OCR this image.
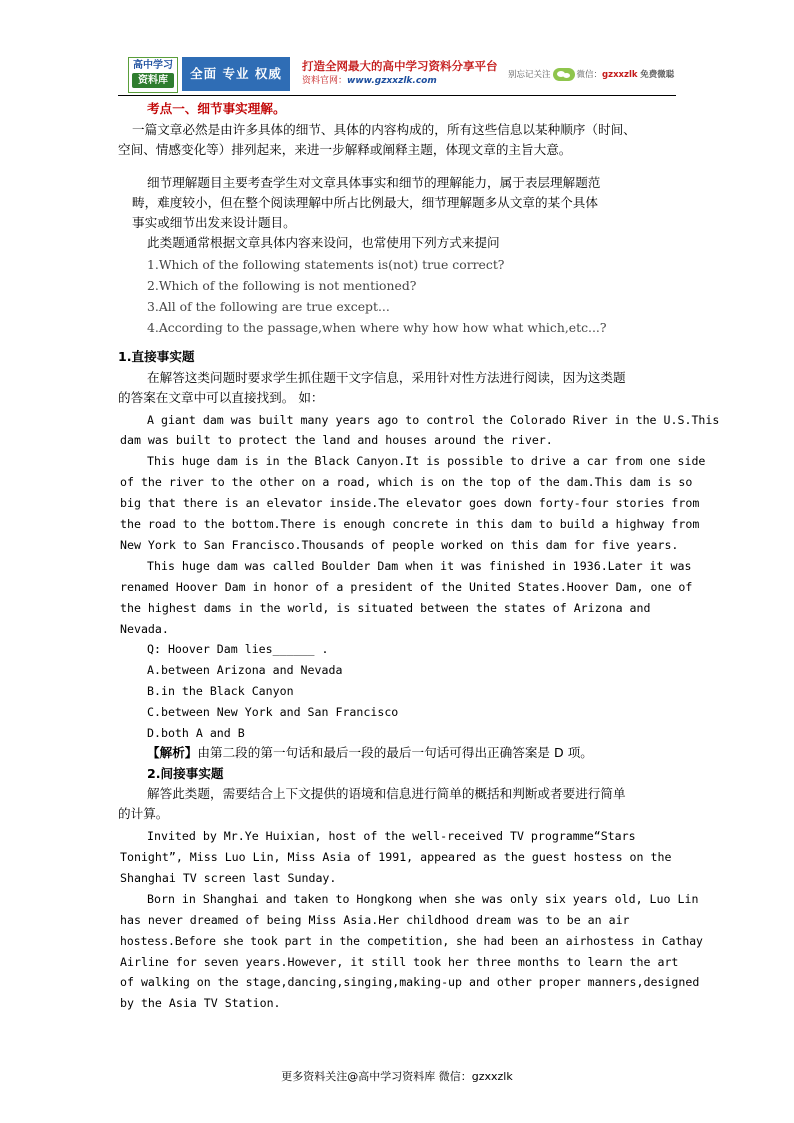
高中学习
资料库	全面 专业 权威	打造全网最大的高中学习资料分享平台
资料官网：www.gzxxzlk.com
别忘记关注	微信：gzxxzlk 免费微聪
考点一、细节事实理解。
一篇文章必然是由许多具体的细节、具体的内容构成的，所有这些信息以某种顺序（时间、
空间、情感变化等）排列起来，来进一步解释或阐释主题，体现文章的主旨大意。
细节理解题目主要考查学生对文章具体事实和细节的理解能力，属于表层理解题范
畴，难度较小，但在整个阅读理解中所占比例最大，细节理解题多从文章的某个具体
事实或细节出发来设计题目。
此类题通常根据文章具体内容来设问，也常使用下列方式来提问
1.Which of the following statements is(not) true correct?
2.Which of the following is not mentioned?
3.All of the following are true except...
4.According to the passage,when where why how how what which,etc...?
1.直接事实题
在解答这类问题时要求学生抓住题干文字信息，采用针对性方法进行阅读，因为这类题
的答案在文章中可以直接找到。 如：
A giant dam was built many years ago to control the Colorado River in the U.S.This
dam was built to protect the land and houses around the river.
This huge dam is in the Black Canyon.It is possible to drive a car from one side
of the river to the other on a road, which is on the top of the dam.This dam is so
big that there is an elevator inside.The elevator goes down forty-four stories from
the road to the bottom.There is enough concrete in this dam to build a highway from
New York to San Francisco.Thousands of people worked on this dam for five years.
This huge dam was called Boulder Dam when it was finished in 1936.Later it was
renamed Hoover Dam in honor of a president of the United States.Hoover Dam, one of
the highest dams in the world, is situated between the states of Arizona and
Nevada.
Q: Hoover Dam lies______ .
A.between Arizona and Nevada
B.in the Black Canyon
C.between New York and San Francisco
D.both A and B
【解析】由第二段的第一句话和最后一段的最后一句话可得出正确答案是 D 项。
2.间接事实题
解答此类题，需要结合上下文提供的语境和信息进行简单的概括和判断或者要进行简单
的计算。
Invited by Mr.Ye Huixian, host of the well-received TV programme“Stars
Tonight”, Miss Luo Lin, Miss Asia of 1991, appeared as the guest hostess on the
Shanghai TV screen last Sunday.
Born in Shanghai and taken to Hongkong when she was only six years old, Luo Lin
has never dreamed of being Miss Asia.Her childhood dream was to be an air
hostess.Before she took part in the competition, she had been an airhostess in Cathay
Airline for seven years.However, it still took her three months to learn the art
of walking on the stage,dancing,singing,making-up and other proper manners,designed
by the Asia TV Station.
更多资料关注@高中学习资料库 微信：gzxxzlk
